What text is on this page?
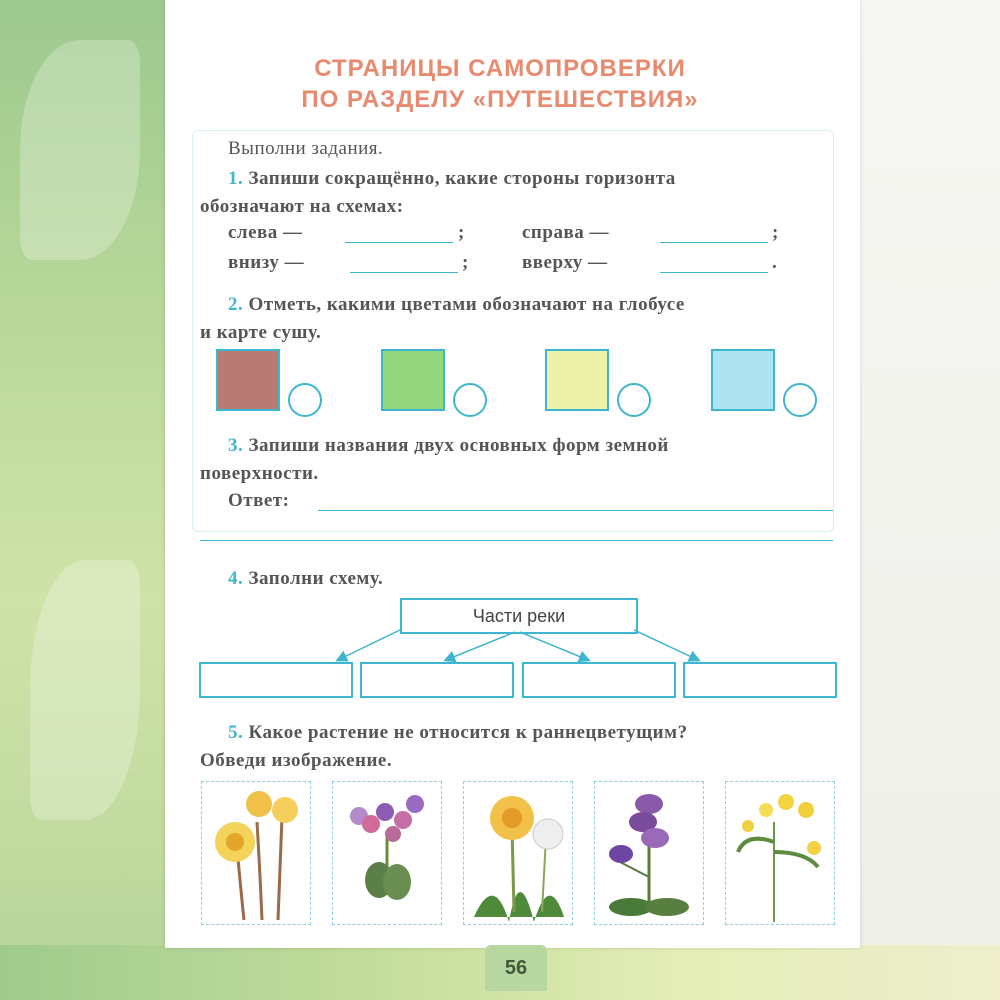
СТРАНИЦЫ САМОПРОВЕРКИ
ПО РАЗДЕЛУ «ПУТЕШЕСТВИЯ»
Выполни задания.
1. Запиши сокращённо, какие стороны горизонта
обозначают на схемах:
слева —	;	справа —	;
внизу —	;	вверху —	.
2. Отметь, какими цветами обозначают на глобусе
и карте сушу.
3. Запиши названия двух основных форм земной
поверхности.
Ответ:
4. Заполни схему.
Части реки
5. Какое растение не относится к раннецветущим?
Обведи изображение.
56
